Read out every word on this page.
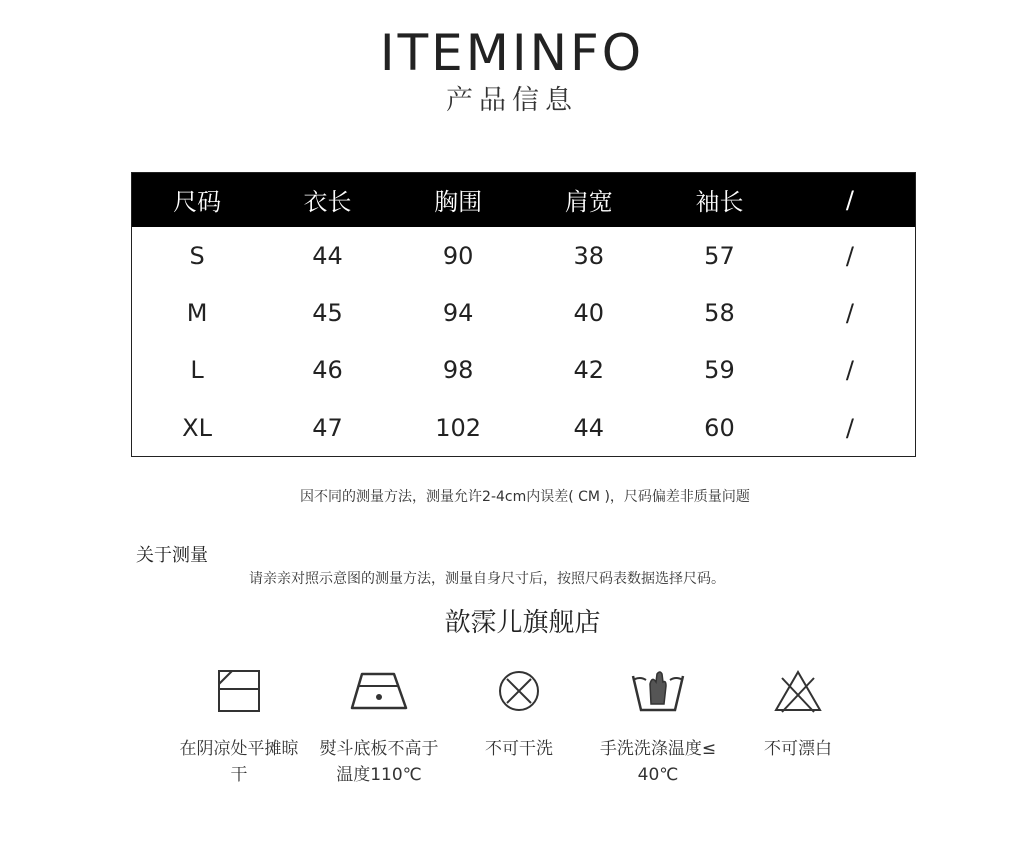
ITEMINFO
产品信息
尺码	衣长	胸围	肩宽	袖长	/
S	44	90	38	57	/
M	45	94	40	58	/
L	46	98	42	59	/
XL	47	102	44	60	/
因不同的测量方法，测量允许2-4cm内误差( CM )，尺码偏差非质量问题
关于测量
请亲亲对照示意图的测量方法，测量自身尺寸后，按照尺码表数据选择尺码。
歆霂儿旗舰店
在阴凉处平摊晾
干
熨斗底板不高于
温度110℃
不可干洗	手洗洗涤温度≤
40℃
不可漂白
